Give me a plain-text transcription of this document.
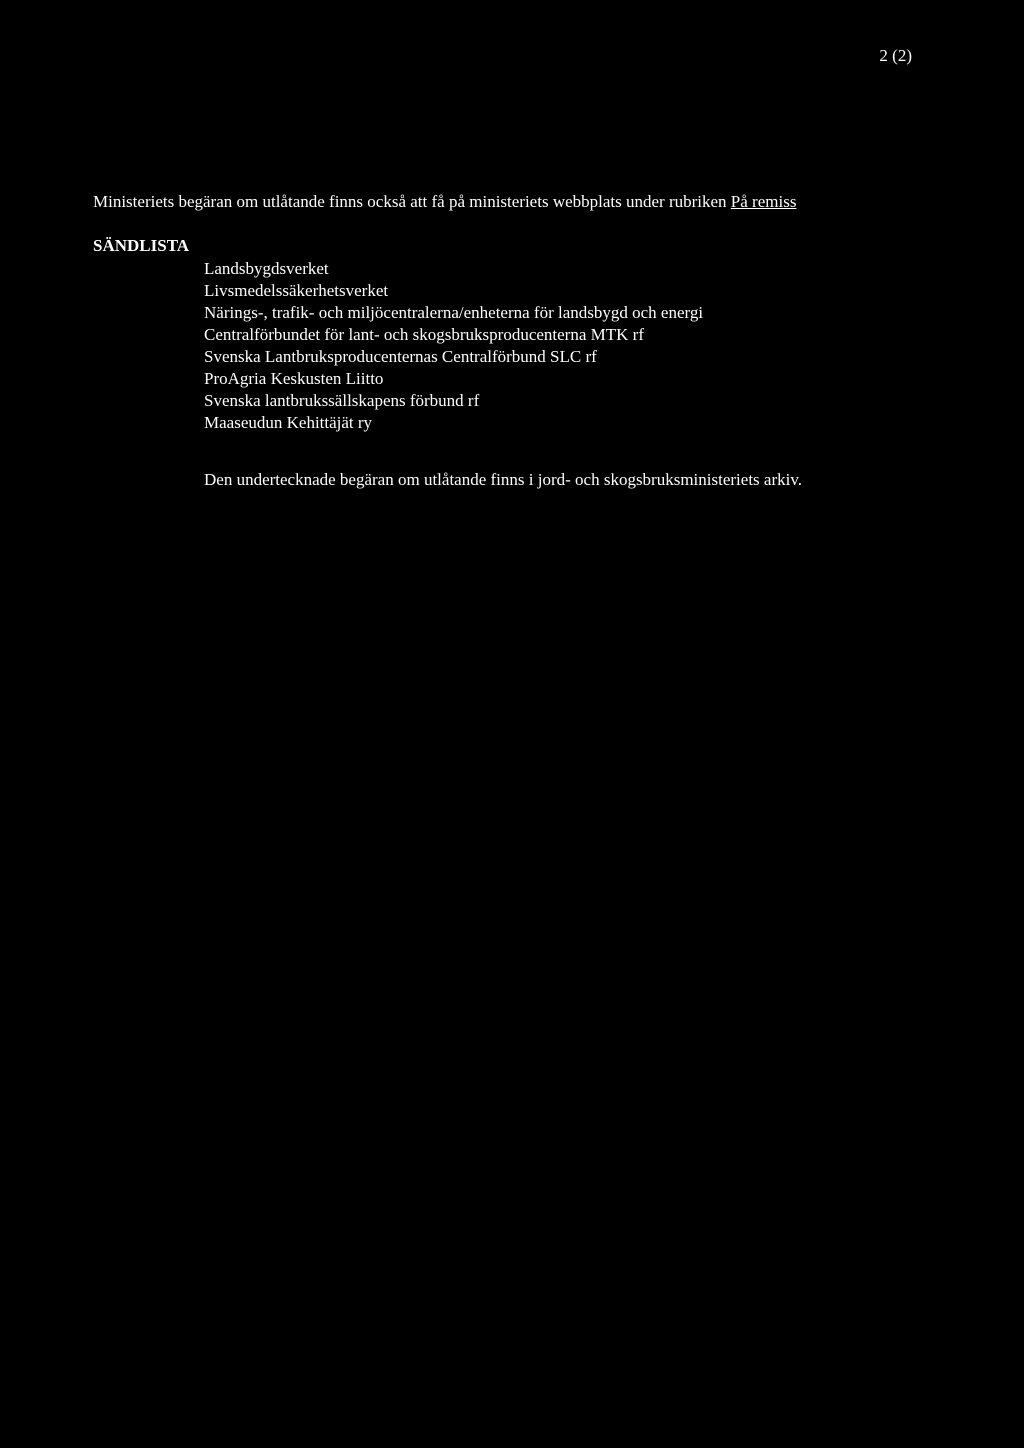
2 (2)

Ministeriets begäran om utlåtande finns också att få på ministeriets webbplats under rubriken På remiss

SÄNDLISTA
Landsbygdsverket
Livsmedelssäkerhetsverket
Närings-, trafik- och miljöcentralerna/enheterna för landsbygd och energi
Centralförbundet för lant- och skogsbruksproducenterna MTK rf
Svenska Lantbruksproducenternas Centralförbund SLC rf
ProAgria Keskusten Liitto
Svenska lantbrukssällskapens förbund rf
Maaseudun Kehittäjät ry
Den undertecknade begäran om utlåtande finns i jord- och skogsbruksministeriets arkiv.
